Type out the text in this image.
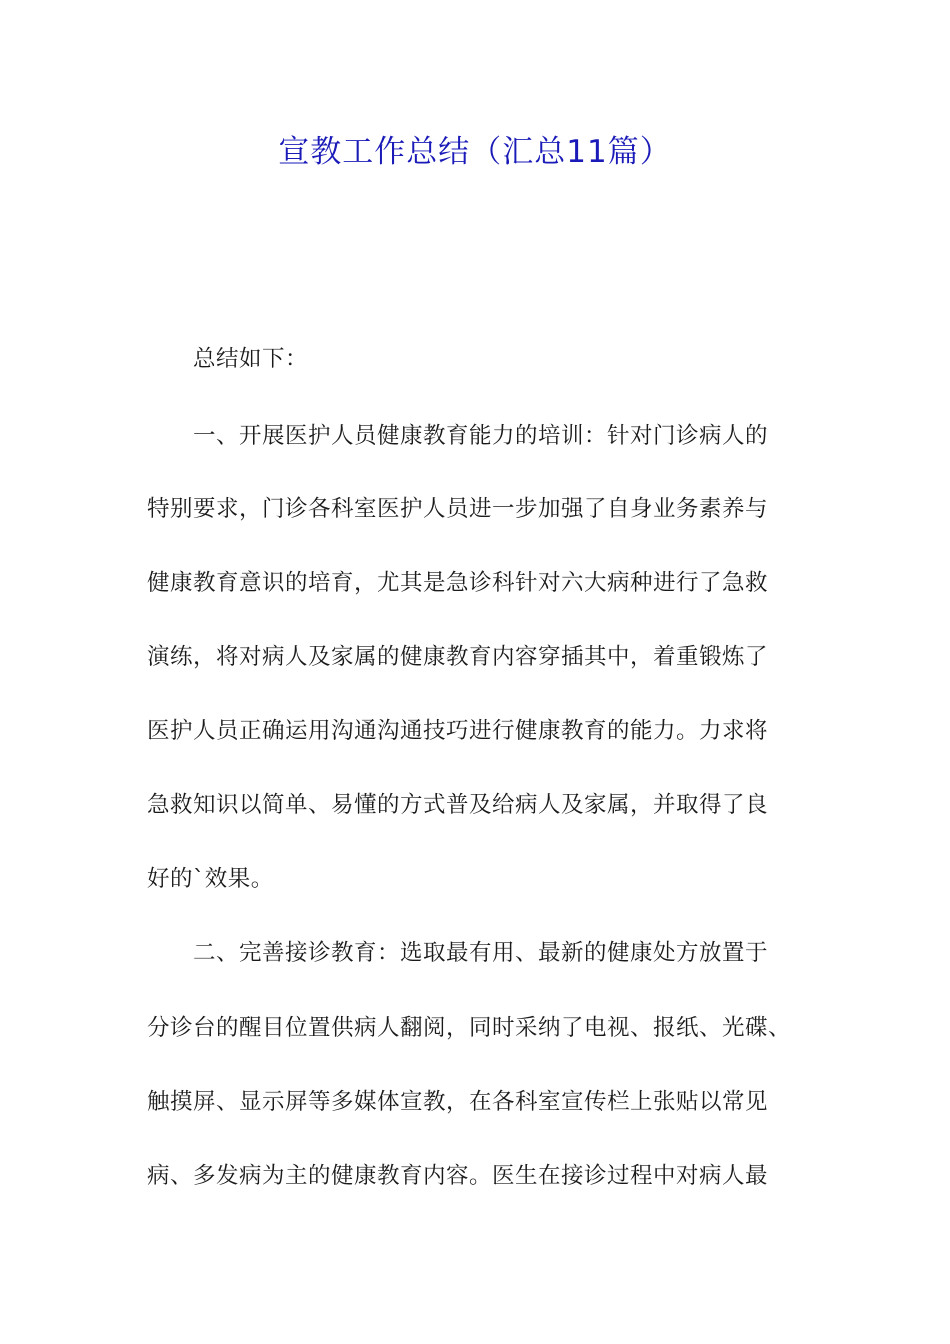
宣教工作总结（汇总11篇）
总结如下：
一、开展医护人员健康教育能力的培训：针对门诊病人的
特别要求，门诊各科室医护人员进一步加强了自身业务素养与
健康教育意识的培育，尤其是急诊科针对六大病种进行了急救
演练，将对病人及家属的健康教育内容穿插其中，着重锻炼了
医护人员正确运用沟通沟通技巧进行健康教育的能力。力求将
急救知识以简单、易懂的方式普及给病人及家属，并取得了良
好的`效果。
二、完善接诊教育：选取最有用、最新的健康处方放置于
分诊台的醒目位置供病人翻阅，同时采纳了电视、报纸、光碟、
触摸屏、显示屏等多媒体宣教，在各科室宣传栏上张贴以常见
病、多发病为主的健康教育内容。医生在接诊过程中对病人最
